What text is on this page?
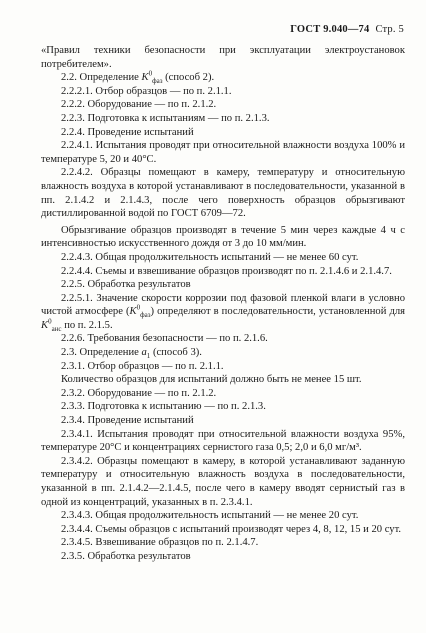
ГОСТ 9.040—74 Стр. 5

«Правил техники безопасности при эксплуатации электроустановок потребителем».

2.2. Определение $K^0_{фаз}$ (способ 2).

2.2.2.1. Отбор образцов — по п. 2.1.1.

2.2.2. Оборудование — по п. 2.1.2.

2.2.3. Подготовка к испытаниям — по п. 2.1.3.

2.2.4. Проведение испытаний

2.2.4.1. Испытания проводят при относительной влажности воздуха 100% и температуре 5, 20 и 40°С.

2.2.4.2. Образцы помещают в камеру, температуру и относительную влажность воздуха в которой устанавливают в последовательности, указанной в пп. 2.1.4.2 и 2.1.4.3, после чего поверхность образцов обрызгивают дистиллированной водой по ГОСТ 6709—72.

Обрызгивание образцов производят в течение 5 мин через каждые 4 ч с интенсивностью искусственного дождя от 3 до 10 мм/мин.

2.2.4.3. Общая продолжительность испытаний — не менее 60 сут.

2.2.4.4. Съемы и взвешивание образцов производят по п. 2.1.4.6 и 2.1.4.7.

2.2.5. Обработка результатов

2.2.5.1. Значение скорости коррозии под фазовой пленкой влаги в условно чистой атмосфере $(K^0_{фаз})$ определяют в последовательности, установленной для $K^0_{анс}$ по п. 2.1.5.

2.2.6. Требования безопасности — по п. 2.1.6.

2.3. Определение $a_1$ (способ 3).

2.3.1. Отбор образцов — по п. 2.1.1.

Количество образцов для испытаний должно быть не менее 15 шт.

2.3.2. Оборудование — по п. 2.1.2.

2.3.3. Подготовка к испытанию — по п. 2.1.3.

2.3.4. Проведение испытаний

2.3.4.1. Испытания проводят при относительной влажности воздуха 95%, температуре 20°С и концентрациях сернистого газа 0,5; 2,0 и 6,0 мг/м³.

2.3.4.2. Образцы помещают в камеру, в которой устанавливают заданную температуру и относительную влажность воздуха в последовательности, указанной в пп. 2.1.4.2—2.1.4.5, после чего в камеру вводят сернистый газ в одной из концентраций, указанных в п. 2.3.4.1.

2.3.4.3. Общая продолжительность испытаний — не менее 20 сут.

2.3.4.4. Съемы образцов с испытаний производят через 4, 8, 12, 15 и 20 сут.

2.3.4.5. Взвешивание образцов по п. 2.1.4.7.

2.3.5. Обработка результатов
